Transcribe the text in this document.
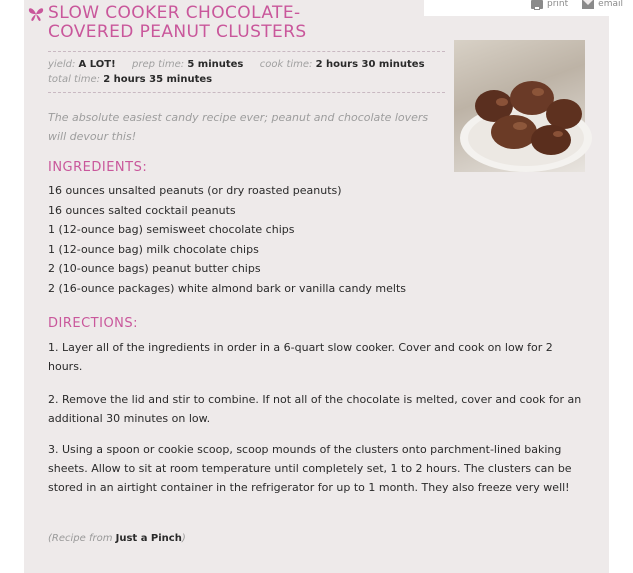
print	email
SLOW COOKER CHOCOLATE-
COVERED PEANUT CLUSTERS
yield: A LOT! prep time: 5 minutes cook time: 2 hours 30 minutes
total time: 2 hours 35 minutes
The absolute easiest candy recipe ever; peanut and chocolate lovers will devour this!
INGREDIENTS:
16 ounces unsalted peanuts (or dry roasted peanuts)
16 ounces salted cocktail peanuts
1 (12-ounce bag) semisweet chocolate chips
1 (12-ounce bag) milk chocolate chips
2 (10-ounce bags) peanut butter chips
2 (16-ounce packages) white almond bark or vanilla candy melts
DIRECTIONS:

1. Layer all of the ingredients in order in a 6-quart slow cooker. Cover and cook on low for 2 hours.

2. Remove the lid and stir to combine. If not all of the chocolate is melted, cover and cook for an additional 30 minutes on low.

3. Using a spoon or cookie scoop, scoop mounds of the clusters onto parchment-lined baking sheets. Allow to sit at room temperature until completely set, 1 to 2 hours. The clusters can be stored in an airtight container in the refrigerator for up to 1 month. They also freeze very well!

(Recipe from Just a Pinch)
